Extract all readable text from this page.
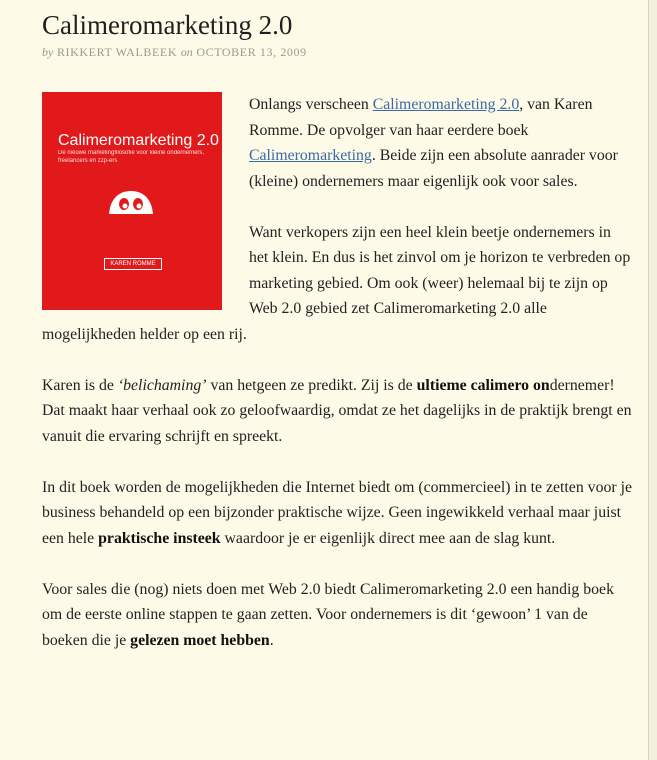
Calimeromarketing 2.0
by RIKKERT WALBEEK on OCTOBER 13, 2009
Calimeromarketing 2.0
De nieuwe marketingfilosofie voor kleine ondernemers, freelancers en zzp-ers
KAREN ROMME

Onlangs verscheen Calimeromarketing 2.0, van Karen Romme. De opvolger van haar eerdere boek Calimeromarketing. Beide zijn een absolute aanrader voor (kleine) ondernemers maar eigenlijk ook voor sales.

Want verkopers zijn een heel klein beetje ondernemers in het klein. En dus is het zinvol om je horizon te verbreden op marketing gebied. Om ook (weer) helemaal bij te zijn op Web 2.0 gebied zet Calimeromarketing 2.0 alle mogelijkheden helder op een rij.

Karen is de ‘belichaming’ van hetgeen ze predikt. Zij is de ultieme calimero ondernemer! Dat maakt haar verhaal ook zo geloofwaardig, omdat ze het dagelijks in de praktijk brengt en vanuit die ervaring schrijft en spreekt.

In dit boek worden de mogelijkheden die Internet biedt om (commercieel) in te zetten voor je business behandeld op een bijzonder praktische wijze. Geen ingewikkeld verhaal maar juist een hele praktische insteek waardoor je er eigenlijk direct mee aan de slag kunt.

Voor sales die (nog) niets doen met Web 2.0 biedt Calimeromarketing 2.0 een handig boek om de eerste online stappen te gaan zetten. Voor ondernemers is dit ‘gewoon’ 1 van de boeken die je gelezen moet hebben.
